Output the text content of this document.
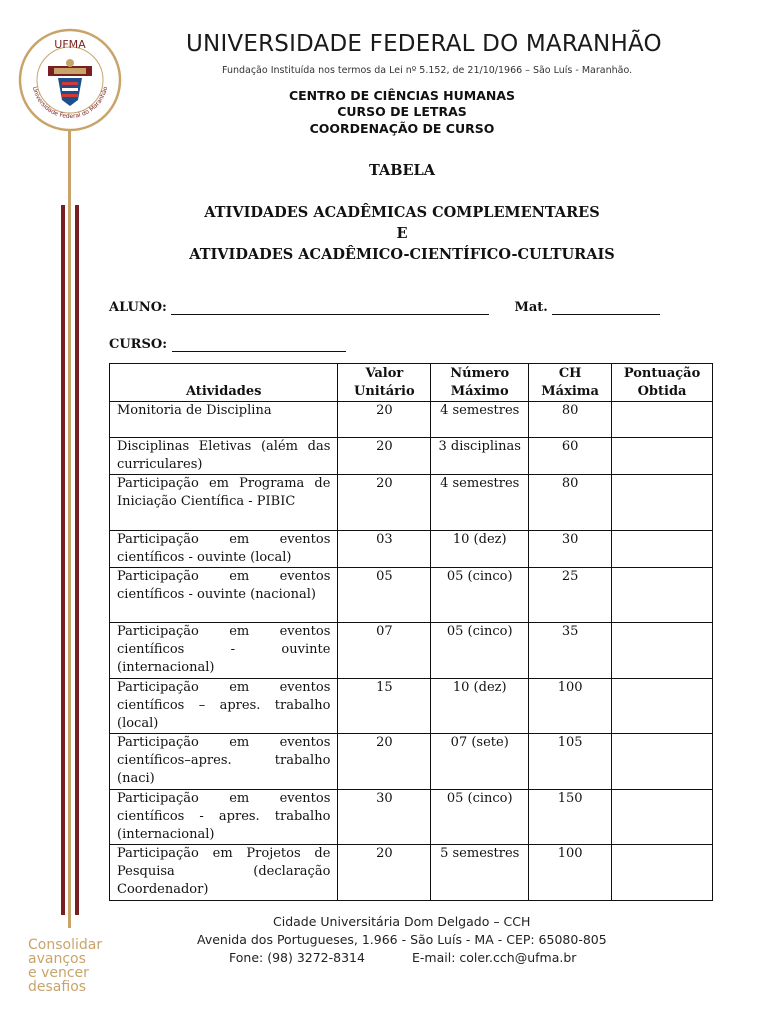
UFMA
Universidade Federal do Maranhão
Consolidar
avanços
e vencer
desafios
UNIVERSIDADE FEDERAL DO MARANHÃO
Fundação Instituída nos termos da Lei nº 5.152, de 21/10/1966 – São Luís - Maranhão.
CENTRO DE CIÊNCIAS HUMANAS
CURSO DE LETRAS
COORDENAÇÃO DE CURSO
TABELA
ATIVIDADES ACADÊMICAS COMPLEMENTARES
E
ATIVIDADES ACADÊMICO-CIENTÍFICO-CULTURAIS
ALUNO:	Mat.
CURSO:
Atividades	Valor Unitário	Número Máximo	CH Máxima	Pontuação Obtida
Monitoria de Disciplina	20	4 semestres	80	
Disciplinas Eletivas (além das curriculares)	20	3 disciplinas	60	
Participação em Programa de Iniciação Científica - PIBIC	20	4 semestres	80	
Participação em eventos científicos - ouvinte (local)	03	10 (dez)	30	
Participação em eventos científicos - ouvinte (nacional)	05	05 (cinco)	25	
Participação em eventos científicos - ouvinte (internacional)	07	05 (cinco)	35	
Participação em eventos científicos – apres. trabalho (local)	15	10 (dez)	100	
Participação em eventos científicos–apres. trabalho (naci)	20	07 (sete)	105	
Participação em eventos científicos - apres. trabalho (internacional)	30	05 (cinco)	150	
Participação em Projetos de Pesquisa (declaração Coordenador)	20	5 semestres	100	
Cidade Universitária Dom Delgado – CCH
Avenida dos Portugueses, 1.966 - São Luís - MA - CEP: 65080-805
Fone: (98) 3272-8314	E-mail: coler.cch@ufma.br
